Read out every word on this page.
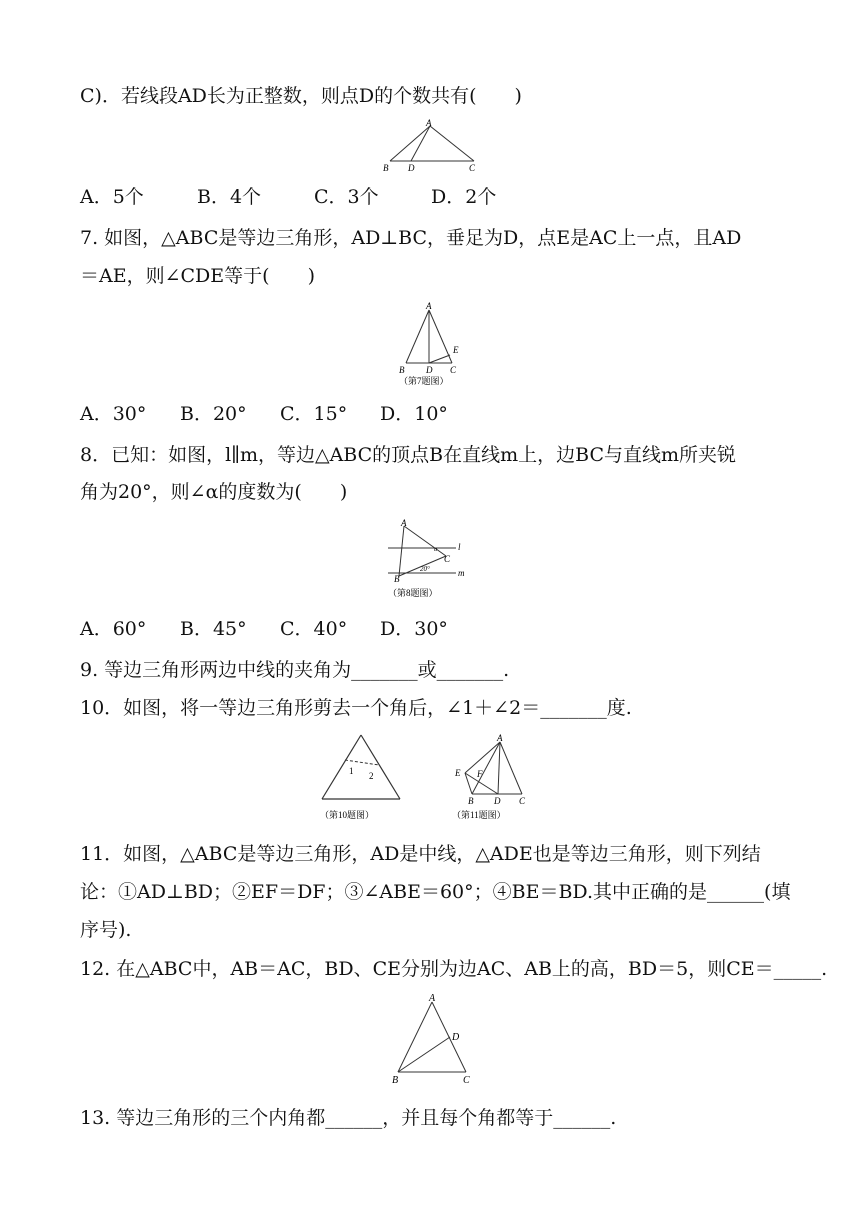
C)．若线段AD长为正整数，则点D的个数共有(　　)
A
B D	C
A．5个	B．4个	C．3个	D．2个
7. 如图，△ABC是等边三角形，AD⊥BC，垂足为D，点E是AC上一点，且AD
＝AE，则∠CDE等于(　　)
A
B D C
E
（第7题图）
A．30° B．20° C．15° D．10°
8．已知：如图，l∥m，等边△ABC的顶点B在直线m上，边BC与直线m所夹锐
角为20°，则∠α的度数为(　　)
A
B
C
l
m
α
20°
（第8题图）
A．60° B．45° C．40° D．30°
9. 等边三角形两边中线的夹角为_______或_______.
10．如图，将一等边三角形剪去一个角后，∠1＋∠2＝_______度.
1 2
（第10题图）
A
E F
B D C
（第11题图）
11．如图，△ABC是等边三角形，AD是中线，△ADE也是等边三角形，则下列结
论：①AD⊥BD；②EF＝DF；③∠ABE＝60°；④BE＝BD.其中正确的是______(填
序号).
12. 在△ABC中，AB＝AC，BD、CE分别为边AC、AB上的高，BD＝5，则CE＝_____.
A
D
B	C
13. 等边三角形的三个内角都______，并且每个角都等于______.
